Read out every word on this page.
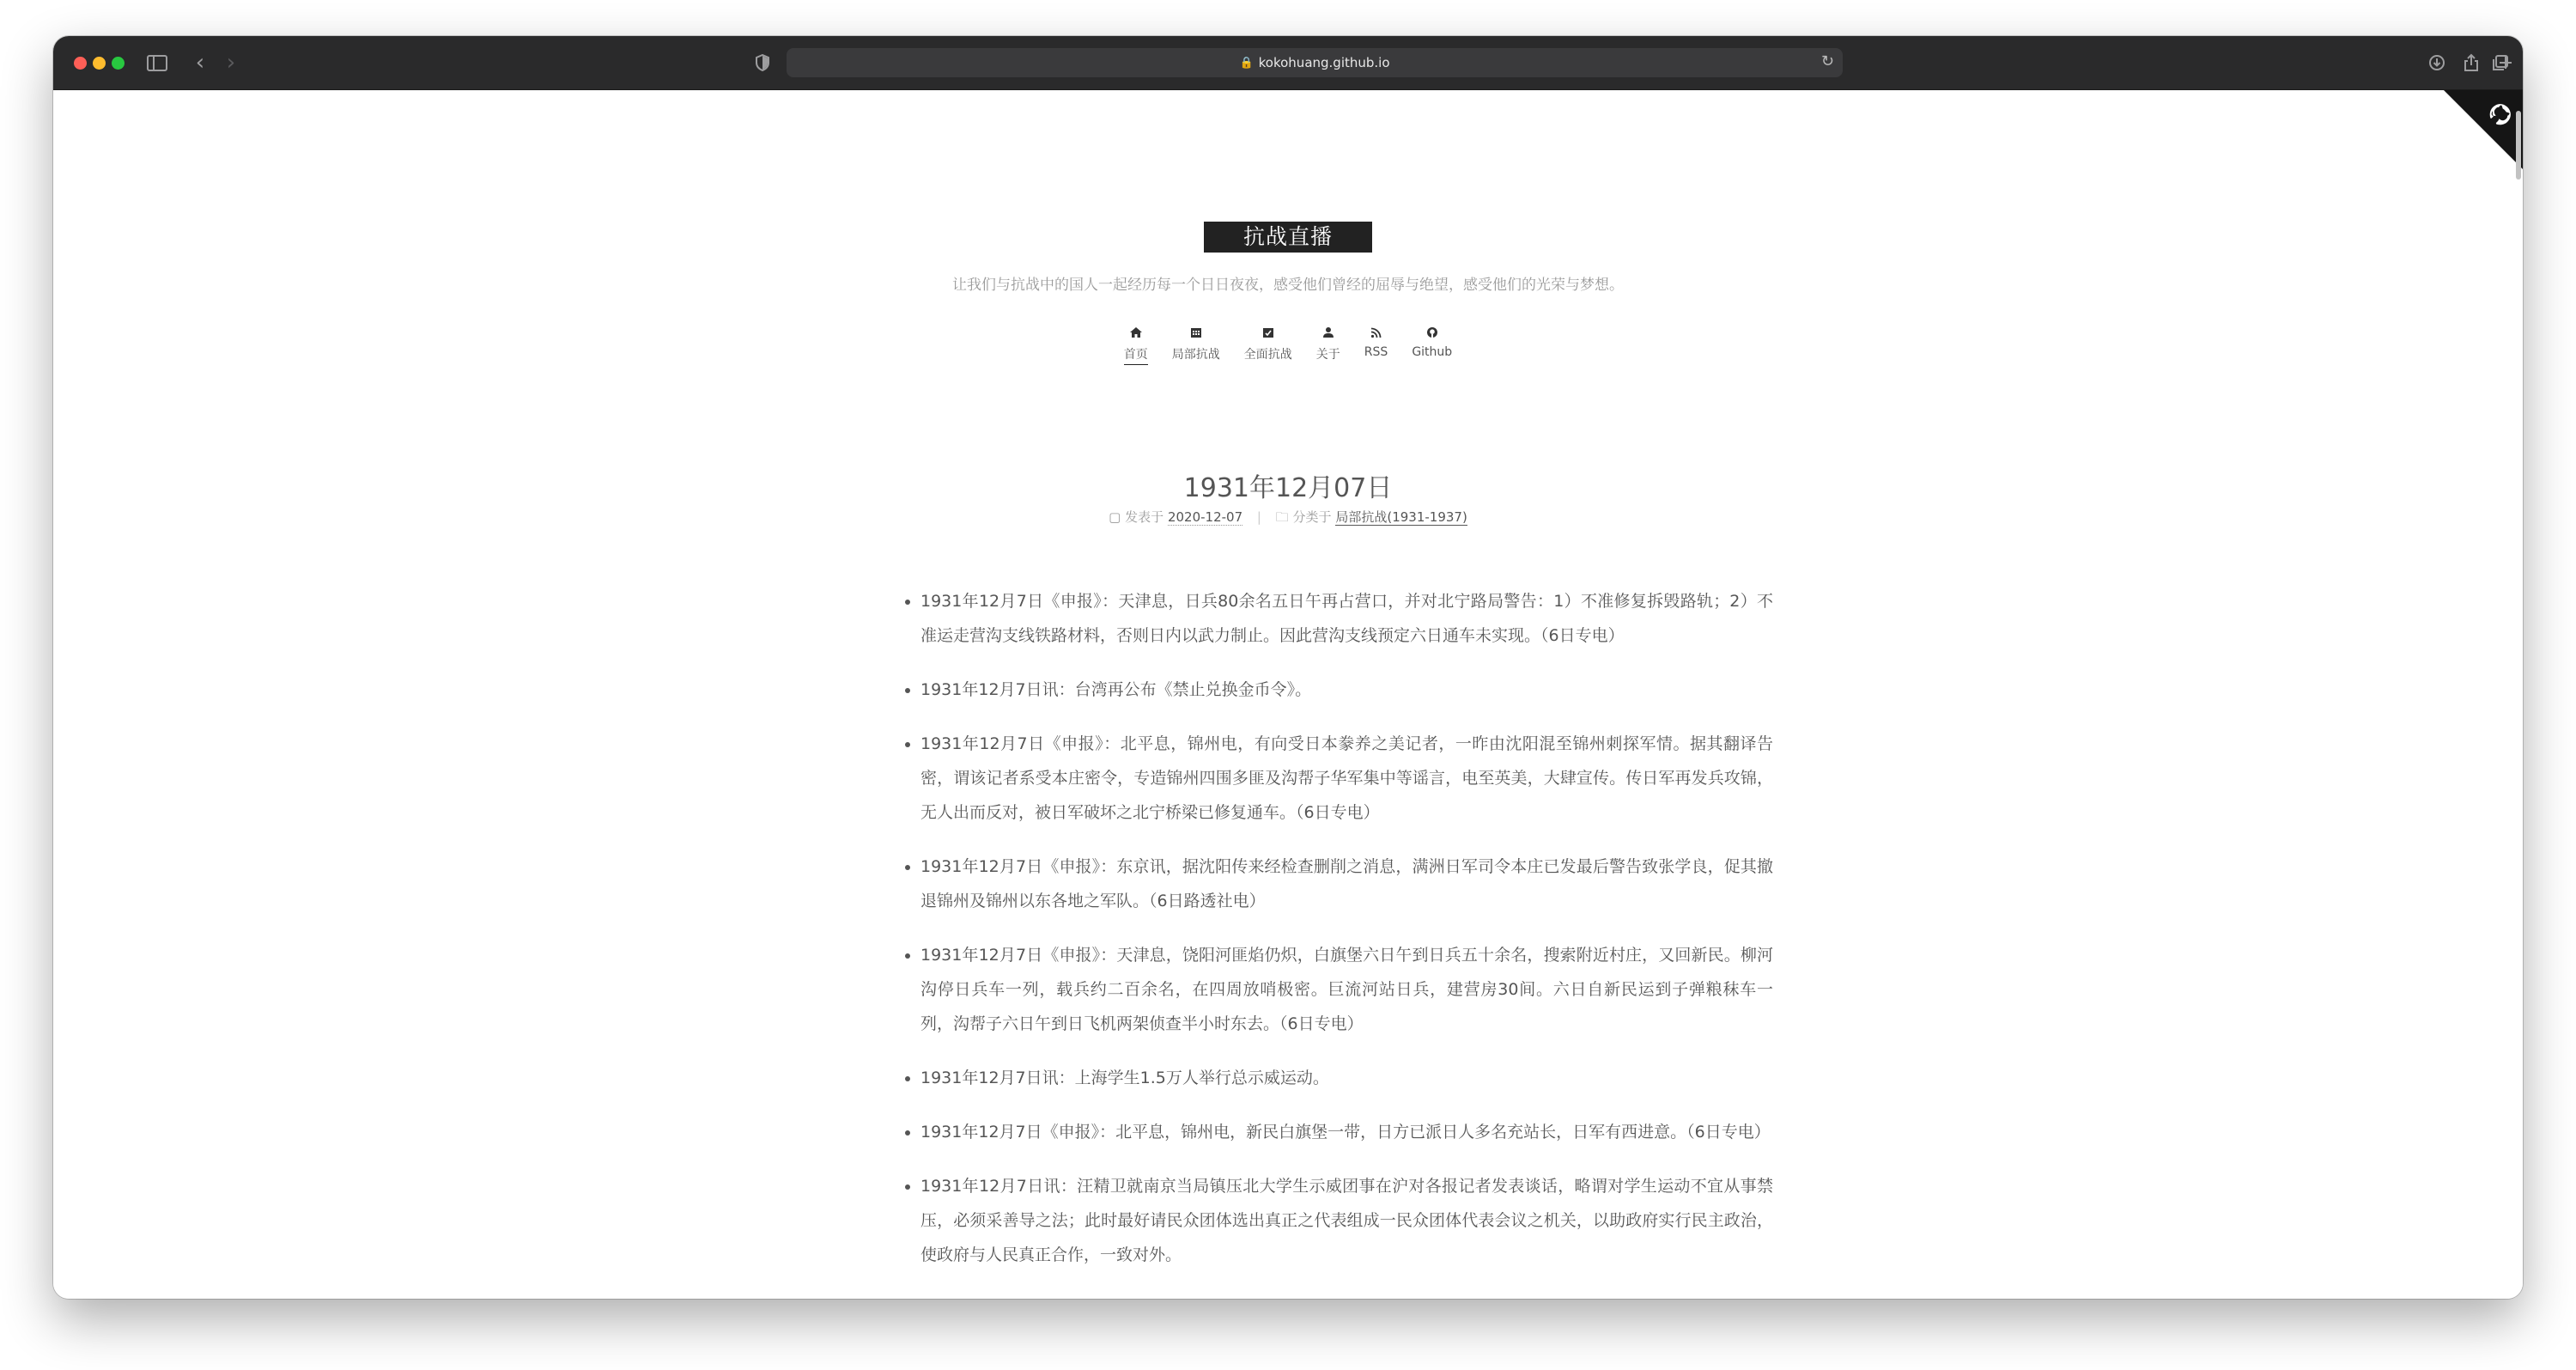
‹ ›	🔒 kokohuang.github.io	↻
抗战直播
让我们与抗战中的国人一起经历每一个日日夜夜，感受他们曾经的屈辱与绝望，感受他们的光荣与梦想。
首页 局部抗战 全面抗战 关于 RSS Github
1931年12月07日
▢ 发表于 2020-12-07 | 🗀 分类于 局部抗战(1931-1937)
• 1931年12月7日《申报》：天津息，日兵80余名五日午再占营口，并对北宁路局警告：1）不准修复拆毁路轨；2）不准运走营沟支线铁路材料，否则日内以武力制止。因此营沟支线预定六日通车未实现。（6日专电）
• 1931年12月7日讯：台湾再公布《禁止兑换金币令》。
• 1931年12月7日《申报》：北平息，锦州电，有向受日本豢养之美记者，一昨由沈阳混至锦州刺探军情。据其翻译告密，谓该记者系受本庄密令，专造锦州四围多匪及沟帮子华军集中等谣言，电至英美，大肆宣传。传日军再发兵攻锦，无人出而反对，被日军破坏之北宁桥梁已修复通车。（6日专电）
• 1931年12月7日《申报》：东京讯，据沈阳传来经检查删削之消息，满洲日军司令本庄已发最后警告致张学良，促其撤退锦州及锦州以东各地之军队。（6日路透社电）
• 1931年12月7日《申报》：天津息，饶阳河匪焰仍炽，白旗堡六日午到日兵五十余名，搜索附近村庄，又回新民。柳河沟停日兵车一列，载兵约二百余名，在四周放哨极密。巨流河站日兵，建营房30间。六日自新民运到子弹粮秣车一列，沟帮子六日午到日飞机两架侦查半小时东去。（6日专电）
• 1931年12月7日讯：上海学生1.5万人举行总示威运动。
• 1931年12月7日《申报》：北平息，锦州电，新民白旗堡一带，日方已派日人多名充站长，日军有西进意。（6日专电）
• 1931年12月7日讯：汪精卫就南京当局镇压北大学生示威团事在沪对各报记者发表谈话，略谓对学生运动不宜从事禁压，必须采善导之法；此时最好请民众团体选出真正之代表组成一民众团体代表会议之机关，以助政府实行民主政治，使政府与人民真正合作，一致对外。
